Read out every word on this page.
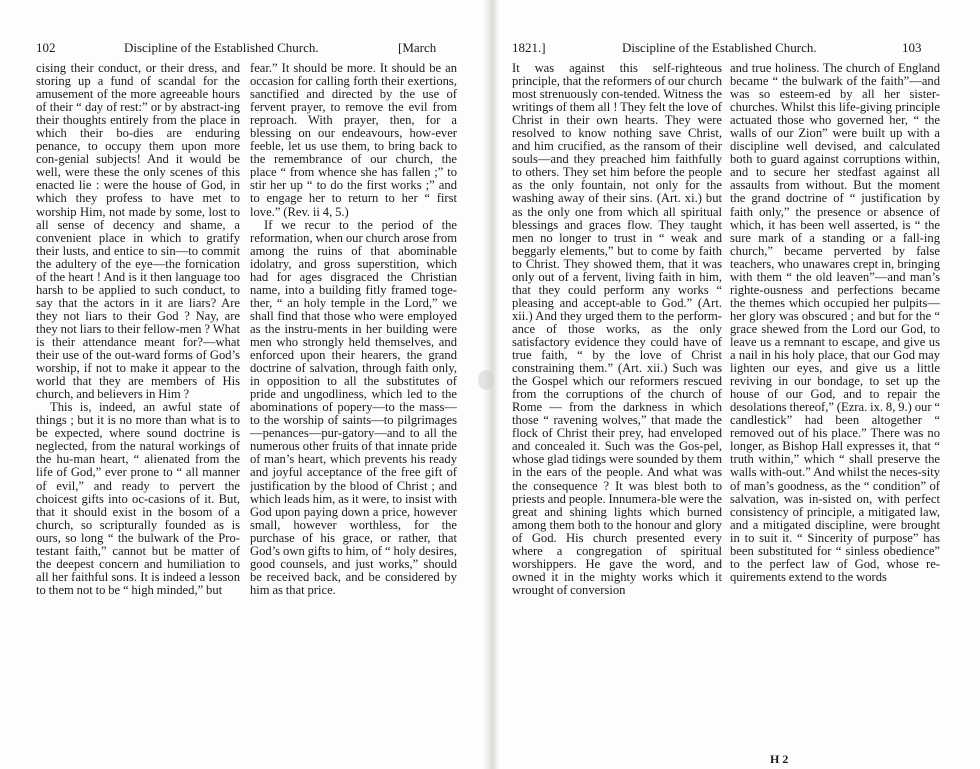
102	Discipline of the Established Church.	[March

cising their conduct, or their dress, and storing up a fund of scandal for the amusement of the more agreeable hours of their “ day of rest:” or by abstract-ing their thoughts entirely from the place in which their bo-dies are enduring penance, to occupy them upon more con-genial subjects! And it would be well, were these the only scenes of this enacted lie : were the house of God, in which they profess to have met to worship Him, not made by some, lost to all sense of decency and shame, a convenient place in which to gratify their lusts, and entice to sin—to commit the adultery of the eye—the fornication of the heart ! And is it then language too harsh to be applied to such conduct, to say that the actors in it are liars? Are they not liars to their God ? Nay, are they not liars to their fellow-men ? What is their attendance meant for?—what their use of the out-ward forms of God’s worship, if not to make it appear to the world that they are members of His church, and believers in Him ?

This is, indeed, an awful state of things ; but it is no more than what is to be expected, where sound doctrine is neglected, from the natural workings of the hu-man heart, “ alienated from the life of God,” ever prone to “ all manner of evil,” and ready to pervert the choicest gifts into oc-casions of it. But, that it should exist in the bosom of a church, so scripturally founded as is ours, so long “ the bulwark of the Pro-testant faith,” cannot but be matter of the deepest concern and humiliation to all her faithful sons. It is indeed a lesson to them not to be “ high minded,” but

fear.” It should be more. It should be an occasion for calling forth their exertions, sanctified and directed by the use of fervent prayer, to remove the evil from reproach. With prayer, then, for a blessing on our endeavours, how-ever feeble, let us use them, to bring back to the remembrance of our church, the place “ from whence she has fallen ;” to stir her up “ to do the first works ;” and to engage her to return to her “ first love.” (Rev. ii 4, 5.)

If we recur to the period of the reformation, when our church arose from among the ruins of that abominable idolatry, and gross superstition, which had for ages disgraced the Christian name, into a building fitly framed toge-ther, “ an holy temple in the Lord,” we shall find that those who were employed as the instru-ments in her building were men who strongly held themselves, and enforced upon their hearers, the grand doctrine of salvation, through faith only, in opposition to all the substitutes of pride and ungodliness, which led to the abominations of popery—to the mass—to the worship of saints—to pilgrimages—penances—pur-gatory—and to all the numerous other fruits of that innate pride of man’s heart, which prevents his ready and joyful acceptance of the free gift of justification by the blood of Christ ; and which leads him, as it were, to insist with God upon paying down a price, however small, however worthless, for the purchase of his grace, or rather, that God’s own gifts to him, of “ holy desires, good counsels, and just works,” should be received back, and be considered by him as that price.

1821.]	Discipline of the Established Church.	103

It was against this self-righteous principle, that the reformers of our church most strenuously con-tended. Witness the writings of them all ! They felt the love of Christ in their own hearts. They were resolved to know nothing save Christ, and him crucified, as the ransom of their souls—and they preached him faithfully to others. They set him before the people as the only fountain, not only for the washing away of their sins. (Art. xi.) but as the only one from which all spiritual blessings and graces flow. They taught men no longer to trust in “ weak and beggarly elements,” but to come by faith to Christ. They showed them, that it was only out of a fervent, living faith in him, that they could perform any works “ pleasing and accept-able to God.” (Art. xii.) And they urged them to the perform-ance of those works, as the only satisfactory evidence they could have of true faith, “ by the love of Christ constraining them.” (Art. xii.) Such was the Gospel which our reformers rescued from the corruptions of the church of Rome — from the darkness in which those “ ravening wolves,” that made the flock of Christ their prey, had enveloped and concealed it. Such was the Gos-pel, whose glad tidings were sounded by them in the ears of the people. And what was the consequence ? It was blest both to priests and people. Innumera-ble were the great and shining lights which burned among them both to the honour and glory of God. His church presented every where a congregation of spiritual worshippers. He gave the word, and owned it in the mighty works which it wrought of conversion

and true holiness. The church of England became “ the bulwark of the faith”—and was so esteem-ed by all her sister-churches. Whilst this life-giving principle actuated those who governed her, “ the walls of our Zion” were built up with a discipline well devised, and calculated both to guard against corruptions within, and to secure her stedfast against all assaults from without. But the moment the grand doctrine of “ justification by faith only,” the presence or absence of which, it has been well asserted, is “ the sure mark of a standing or a fall-ing church,” became perverted by false teachers, who unawares crept in, bringing with them “ the old leaven”—and man’s righte-ousness and perfections became the themes which occupied her pulpits—her glory was obscured ; and but for the “ grace shewed from the Lord our God, to leave us a remnant to escape, and give us a nail in his holy place, that our God may lighten our eyes, and give us a little reviving in our bondage, to set up the house of our God, and to repair the desolations thereof,” (Ezra. ix. 8, 9.) our “ candlestick” had been altogether “ removed out of his place.” There was no longer, as Bishop Hall expresses it, that “ truth within,” which “ shall preserve the walls with-out.” And whilst the neces-sity of man’s goodness, as the “ condition” of salvation, was in-sisted on, with perfect consistency of principle, a mitigated law, and a mitigated discipline, were brought in to suit it. “ Sincerity of purpose” has been substituted for “ sinless obedience” to the perfect law of God, whose re-quirements extend to the words

H 2
